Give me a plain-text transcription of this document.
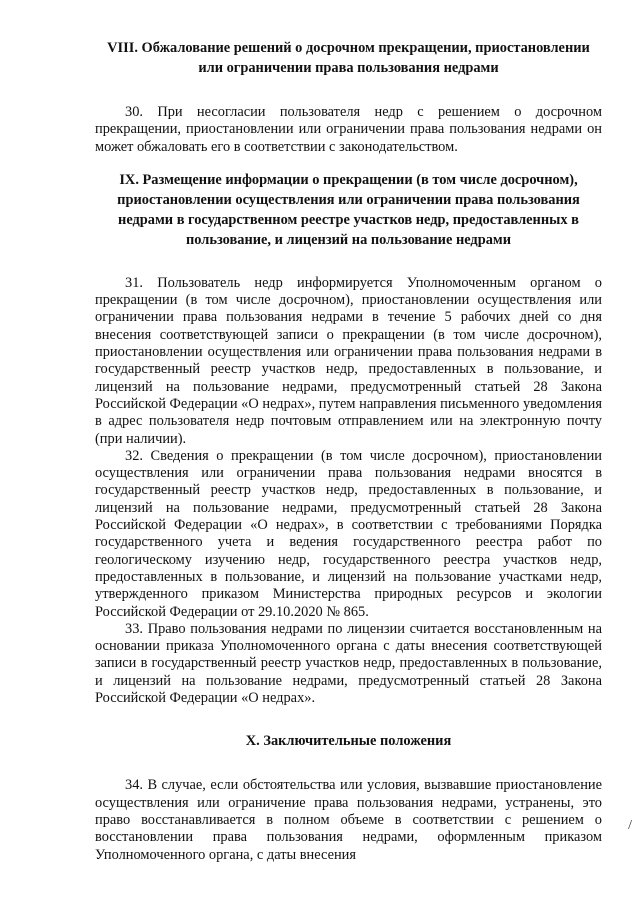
VIII. Обжалование решений о досрочном прекращении, приостановлении или ограничении права пользования недрами

30. При несогласии пользователя недр с решением о досрочном прекращении, приостановлении или ограничении права пользования недрами он может обжаловать его в соответствии с законодательством.

IX. Размещение информации о прекращении (в том числе досрочном), приостановлении осуществления или ограничении права пользования недрами в государственном реестре участков недр, предоставленных в пользование, и лицензий на пользование недрами

31. Пользователь недр информируется Уполномоченным органом о прекращении (в том числе досрочном), приостановлении осуществления или ограничении права пользования недрами в течение 5 рабочих дней со дня внесения соответствующей записи о прекращении (в том числе досрочном), приостановлении осуществления или ограничении права пользования недрами в государственный реестр участков недр, предоставленных в пользование, и лицензий на пользование недрами, предусмотренный статьей 28 Закона Российской Федерации «О недрах», путем направления письменного уведомления в адрес пользователя недр почтовым отправлением или на электронную почту (при наличии).

32. Сведения о прекращении (в том числе досрочном), приостановлении осуществления или ограничении права пользования недрами вносятся в государственный реестр участков недр, предоставленных в пользование, и лицензий на пользование недрами, предусмотренный статьей 28 Закона Российской Федерации «О недрах», в соответствии с требованиями Порядка государственного учета и ведения государственного реестра работ по геологическому изучению недр, государственного реестра участков недр, предоставленных в пользование, и лицензий на пользование участками недр, утвержденного приказом Министерства природных ресурсов и экологии Российской Федерации от 29.10.2020 № 865.

33. Право пользования недрами по лицензии считается восстановленным на основании приказа Уполномоченного органа с даты внесения соответствующей записи в государственный реестр участков недр, предоставленных в пользование, и лицензий на пользование недрами, предусмотренный статьей 28 Закона Российской Федерации «О недрах».

X. Заключительные положения

34. В случае, если обстоятельства или условия, вызвавшие приостановление осуществления или ограничение права пользования недрами, устранены, это право восстанавливается в полном объеме в соответствии с решением о восстановлении права пользования недрами, оформленным приказом Уполномоченного органа, с даты внесения

/
